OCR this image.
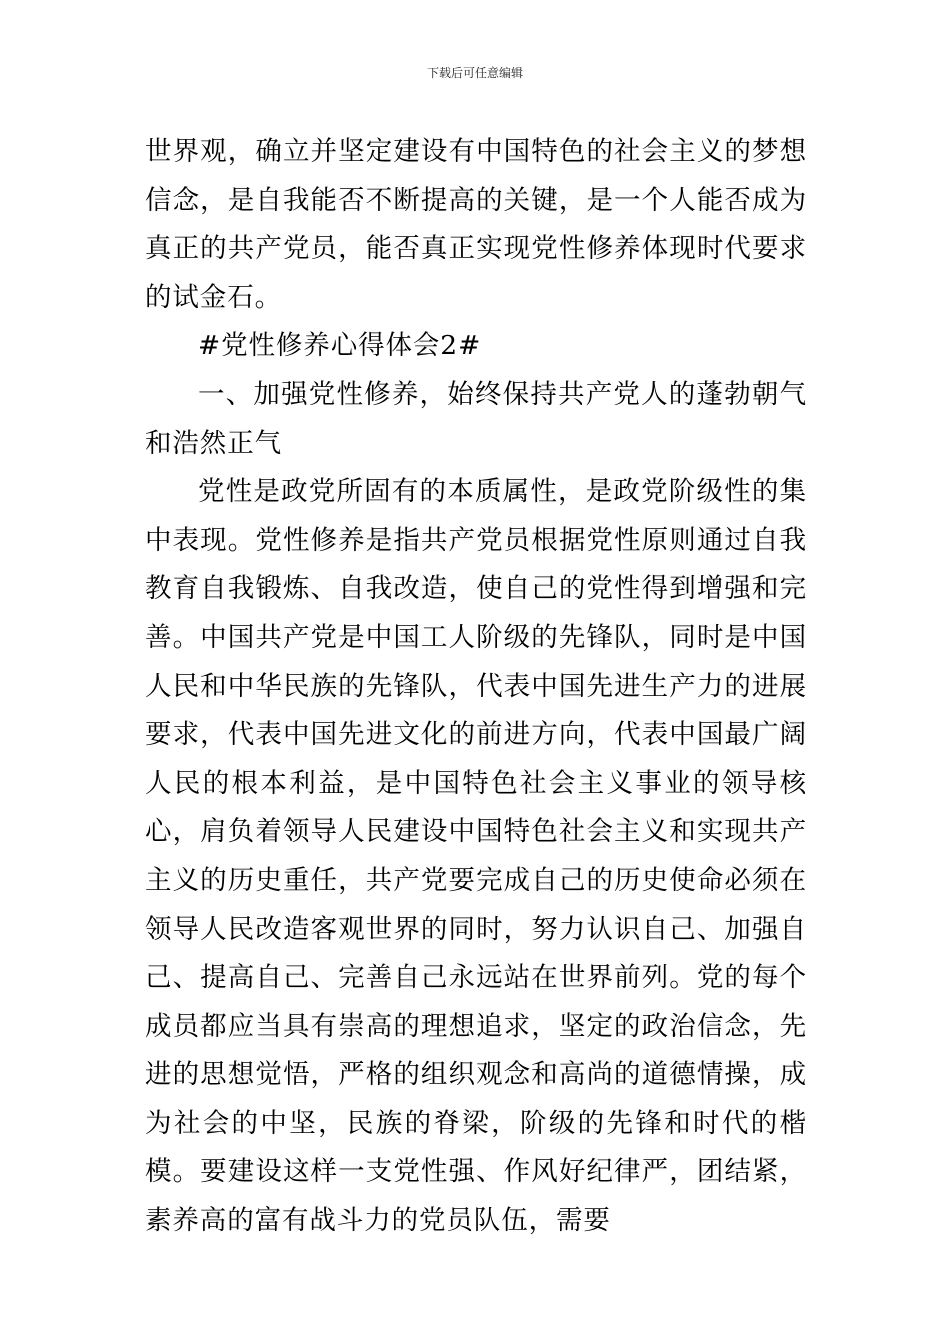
下载后可任意编辑

世界观，确立并坚定建设有中国特色的社会主义的梦想信念，是自我能否不断提高的关键，是一个人能否成为真正的共产党员，能否真正实现党性修养体现时代要求的试金石。

#党性修养心得体会2#

一、加强党性修养，始终保持共产党人的蓬勃朝气和浩然正气

党性是政党所固有的本质属性，是政党阶级性的集中表现。党性修养是指共产党员根据党性原则通过自我教育自我锻炼、自我改造，使自己的党性得到增强和完善。中国共产党是中国工人阶级的先锋队，同时是中国人民和中华民族的先锋队，代表中国先进生产力的进展要求，代表中国先进文化的前进方向，代表中国最广阔人民的根本利益，是中国特色社会主义事业的领导核心，肩负着领导人民建设中国特色社会主义和实现共产主义的历史重任，共产党要完成自己的历史使命必须在领导人民改造客观世界的同时，努力认识自己、加强自己、提高自己、完善自己永远站在世界前列。党的每个成员都应当具有崇高的理想追求，坚定的政治信念，先进的思想觉悟，严格的组织观念和高尚的道德情操，成为社会的中坚，民族的脊梁，阶级的先锋和时代的楷模。要建设这样一支党性强、作风好纪律严，团结紧，素养高的富有战斗力的党员队伍，需要
